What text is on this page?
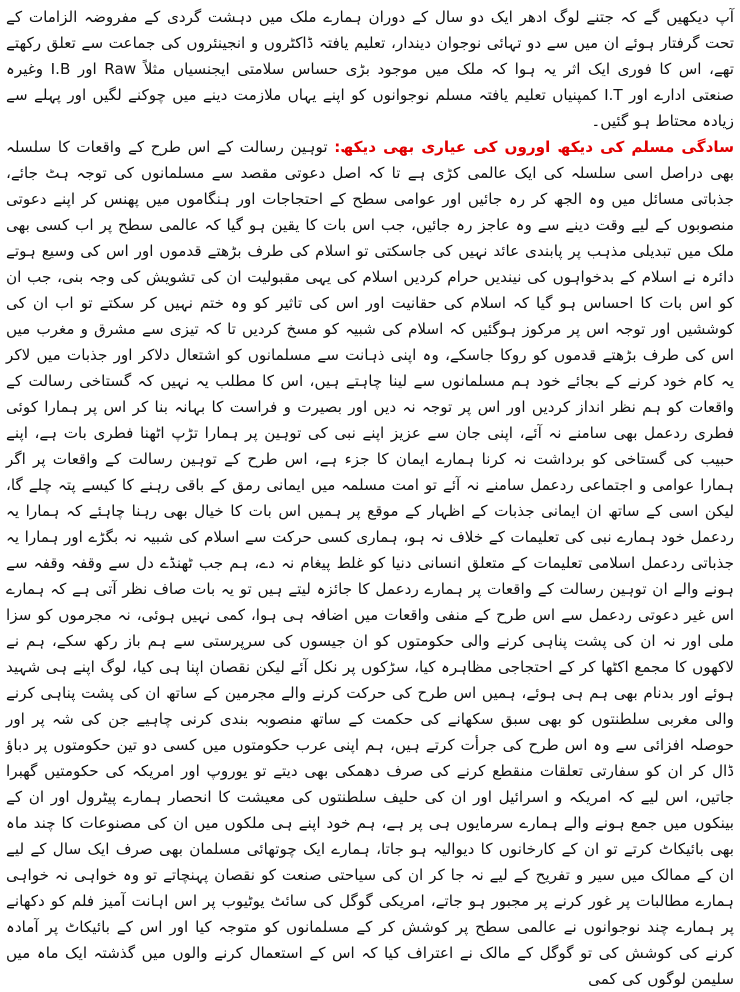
آپ دیکھیں گے کہ جتنے لوگ ادھر ایک دو سال کے دوران ہمارے ملک میں دہشت گردی کے مفروضہ الزامات کے تحت گرفتار ہوئے ان میں سے دو تہائی نوجوان دیندار، تعلیم یافتہ ڈاکٹروں و انجینئروں کی جماعت سے تعلق رکھتے تھے، اس کا فوری ایک اثر یہ ہوا کہ ملک میں موجود بڑی حساس سلامتی ایجنسیاں مثلاً Raw اور I.B وغیرہ صنعتی ادارے اور I.T کمپنیاں تعلیم یافتہ مسلم نوجوانوں کو اپنے یہاں ملازمت دینے میں چوکنے لگیں اور پہلے سے زیادہ محتاط ہو گئیں۔

سادگی مسلم کی دیکھ اوروں کی عیاری بھی دیکھ: توہین رسالت کے اس طرح کے واقعات کا سلسلہ بھی دراصل اسی سلسلہ کی ایک عالمی کڑی ہے تا کہ اصل دعوتی مقصد سے مسلمانوں کی توجہ ہٹ جائے، جذباتی مسائل میں وہ الجھ کر رہ جائیں اور عوامی سطح کے احتجاجات اور ہنگاموں میں پھنس کر اپنے دعوتی منصوبوں کے لیے وقت دینے سے وہ عاجز رہ جائیں، جب اس بات کا یقین ہو گیا کہ عالمی سطح پر اب کسی بھی ملک میں تبدیلی مذہب پر پابندی عائد نہیں کی جاسکتی تو اسلام کی طرف بڑھتے قدموں اور اس کی وسیع ہوتے دائرہ نے اسلام کے بدخواہوں کی نیندیں حرام کردیں اسلام کی یہی مقبولیت ان کی تشویش کی وجہ بنی، جب ان کو اس بات کا احساس ہو گیا کہ اسلام کی حقانیت اور اس کی تاثیر کو وہ ختم نہیں کر سکتے تو اب ان کی کوششیں اور توجہ اس پر مرکوز ہوگئیں کہ اسلام کی شبیہ کو مسخ کردیں تا کہ تیزی سے مشرق و مغرب میں اس کی طرف بڑھتے قدموں کو روکا جاسکے، وہ اپنی ذہانت سے مسلمانوں کو اشتعال دلاکر اور جذبات میں لاکر یہ کام خود کرنے کے بجائے خود ہم مسلمانوں سے لینا چاہتے ہیں، اس کا مطلب یہ نہیں کہ گستاخی رسالت کے واقعات کو ہم نظر انداز کردیں اور اس پر توجہ نہ دیں اور بصیرت و فراست کا بہانہ بنا کر اس پر ہمارا کوئی فطری ردعمل بھی سامنے نہ آئے، اپنی جان سے عزیز اپنے نبی کی توہین پر ہمارا تڑپ اٹھنا فطری بات ہے، اپنے حبیب کی گستاخی کو برداشت نہ کرنا ہمارے ایمان کا جزء ہے، اس طرح کے توہین رسالت کے واقعات پر اگر ہمارا عوامی و اجتماعی ردعمل سامنے نہ آئے تو امت مسلمہ میں ایمانی رمق کے باقی رہنے کا کیسے پتہ چلے گا، لیکن اسی کے ساتھ ان ایمانی جذبات کے اظہار کے موقع پر ہمیں اس بات کا خیال بھی رہنا چاہئے کہ ہمارا یہ ردعمل خود ہمارے نبی کی تعلیمات کے خلاف نہ ہو، ہماری کسی حرکت سے اسلام کی شبیہ نہ بگڑے اور ہمارا یہ جذباتی ردعمل اسلامی تعلیمات کے متعلق انسانی دنیا کو غلط پیغام نہ دے، ہم جب ٹھنڈے دل سے وقفہ وقفہ سے ہونے والے ان توہین رسالت کے واقعات پر ہمارے ردعمل کا جائزہ لیتے ہیں تو یہ بات صاف نظر آتی ہے کہ ہمارے اس غیر دعوتی ردعمل سے اس طرح کے منفی واقعات میں اضافہ ہی ہوا، کمی نہیں ہوئی، نہ مجرموں کو سزا ملی اور نہ ان کی پشت پناہی کرنے والی حکومتوں کو ان جیسوں کی سرپرستی سے ہم باز رکھ سکے، ہم نے لاکھوں کا مجمع اکٹھا کر کے احتجاجی مظاہرہ کیا، سڑکوں پر نکل آئے لیکن نقصان اپنا ہی کیا، لوگ اپنے ہی شہید ہوئے اور بدنام بھی ہم ہی ہوئے، ہمیں اس طرح کی حرکت کرنے والے مجرمین کے ساتھ ان کی پشت پناہی کرنے والی مغربی سلطنتوں کو بھی سبق سکھانے کی حکمت کے ساتھ منصوبہ بندی کرنی چاہیے جن کی شہ پر اور حوصلہ افزائی سے وہ اس طرح کی جرأت کرتے ہیں، ہم اپنی عرب حکومتوں میں کسی دو تین حکومتوں پر دباؤ ڈال کر ان کو سفارتی تعلقات منقطع کرنے کی صرف دھمکی بھی دیتے تو یوروپ اور امریکہ کی حکومتیں گھبرا جاتیں، اس لیے کہ امریکہ و اسرائیل اور ان کی حلیف سلطنتوں کی معیشت کا انحصار ہمارے پیٹرول اور ان کے بینکوں میں جمع ہونے والے ہمارے سرمایوں ہی پر ہے، ہم خود اپنے ہی ملکوں میں ان کی مصنوعات کا چند ماہ بھی بائیکاٹ کرتے تو ان کے کارخانوں کا دیوالیہ ہو جاتا، ہمارے ایک چوتھائی مسلمان بھی صرف ایک سال کے لیے ان کے ممالک میں سیر و تفریح کے لیے نہ جا کر ان کی سیاحتی صنعت کو نقصان پہنچاتے تو وہ خواہی نہ خواہی ہمارے مطالبات پر غور کرنے پر مجبور ہو جاتے، امریکی گوگل کی سائٹ یوٹیوب پر اس اہانت آمیز فلم کو دکھانے پر ہمارے چند نوجوانوں نے عالمی سطح پر کوشش کر کے مسلمانوں کو متوجہ کیا اور اس کے بائیکاٹ پر آمادہ کرنے کی کوشش کی تو گوگل کے مالک نے اعتراف کیا کہ اس کے استعمال کرنے والوں میں گذشتہ ایک ماہ میں سلیمن لوگوں کی کمی
